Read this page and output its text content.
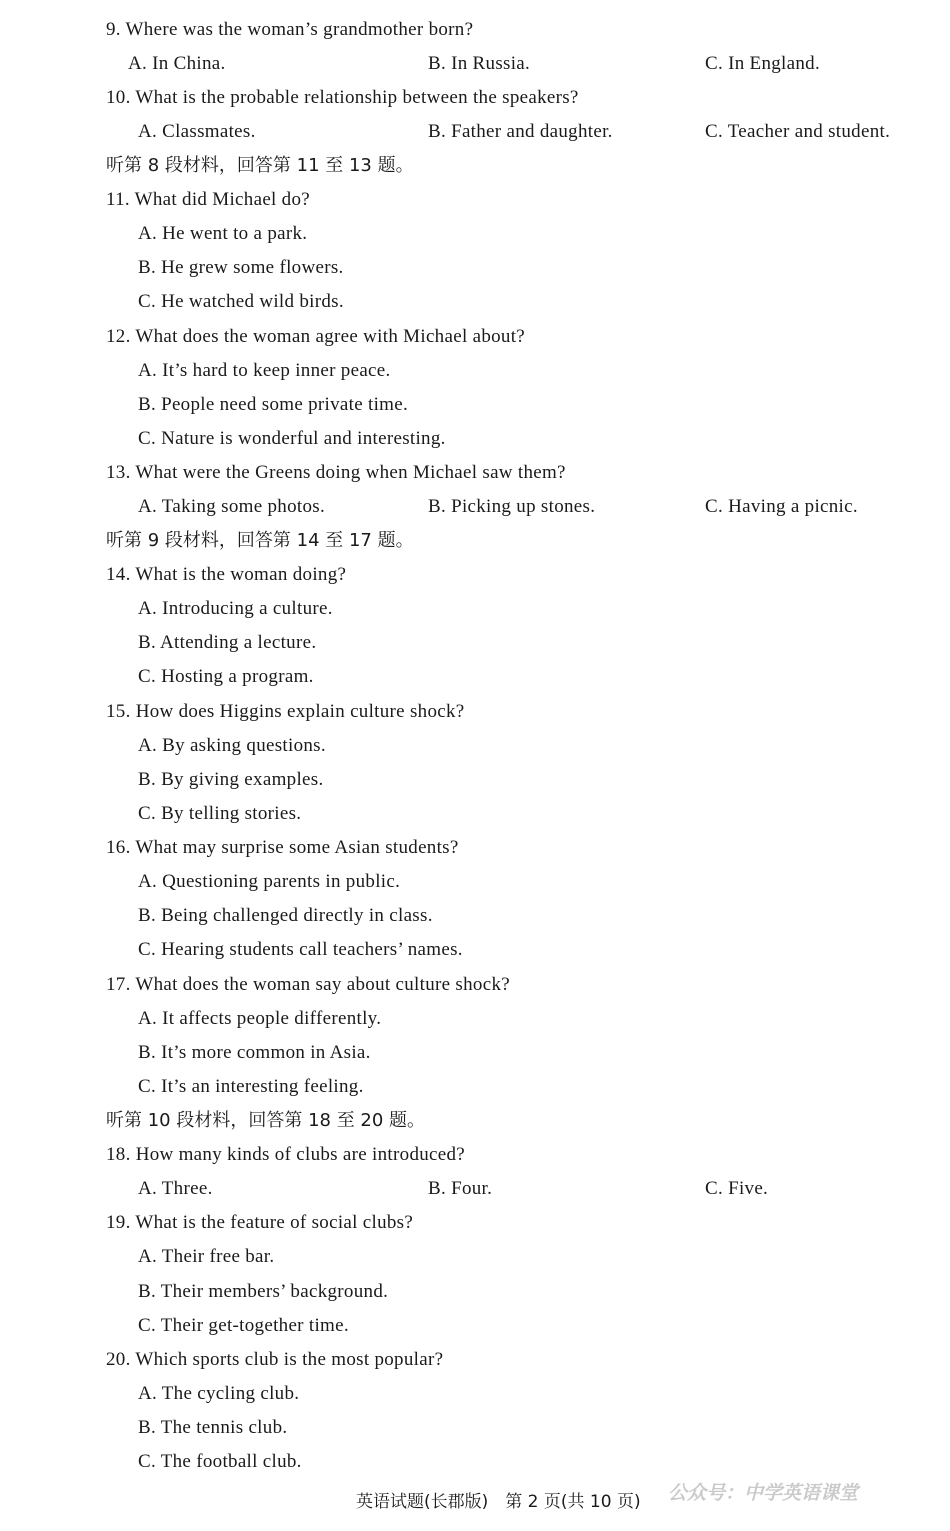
9. Where was the woman’s grandmother born?
A. In China.	B. In Russia.	C. In England.
10. What is the probable relationship between the speakers?
A. Classmates.	B. Father and daughter.	C. Teacher and student.
听第 8 段材料，回答第 11 至 13 题。
11. What did Michael do?
A. He went to a park.
B. He grew some flowers.
C. He watched wild birds.
12. What does the woman agree with Michael about?
A. It’s hard to keep inner peace.
B. People need some private time.
C. Nature is wonderful and interesting.
13. What were the Greens doing when Michael saw them?
A. Taking some photos.	B. Picking up stones.	C. Having a picnic.
听第 9 段材料，回答第 14 至 17 题。
14. What is the woman doing?
A. Introducing a culture.
B. Attending a lecture.
C. Hosting a program.
15. How does Higgins explain culture shock?
A. By asking questions.
B. By giving examples.
C. By telling stories.
16. What may surprise some Asian students?
A. Questioning parents in public.
B. Being challenged directly in class.
C. Hearing students call teachers’ names.
17. What does the woman say about culture shock?
A. It affects people differently.
B. It’s more common in Asia.
C. It’s an interesting feeling.
听第 10 段材料，回答第 18 至 20 题。
18. How many kinds of clubs are introduced?
A. Three.	B. Four.	C. Five.
19. What is the feature of social clubs?
A. Their free bar.
B. Their members’ background.
C. Their get-together time.
20. Which sports club is the most popular?
A. The cycling club.
B. The tennis club.
C. The football club.
英语试题(长郡版)　第 2 页(共 10 页) 公众号：中学英语课堂
